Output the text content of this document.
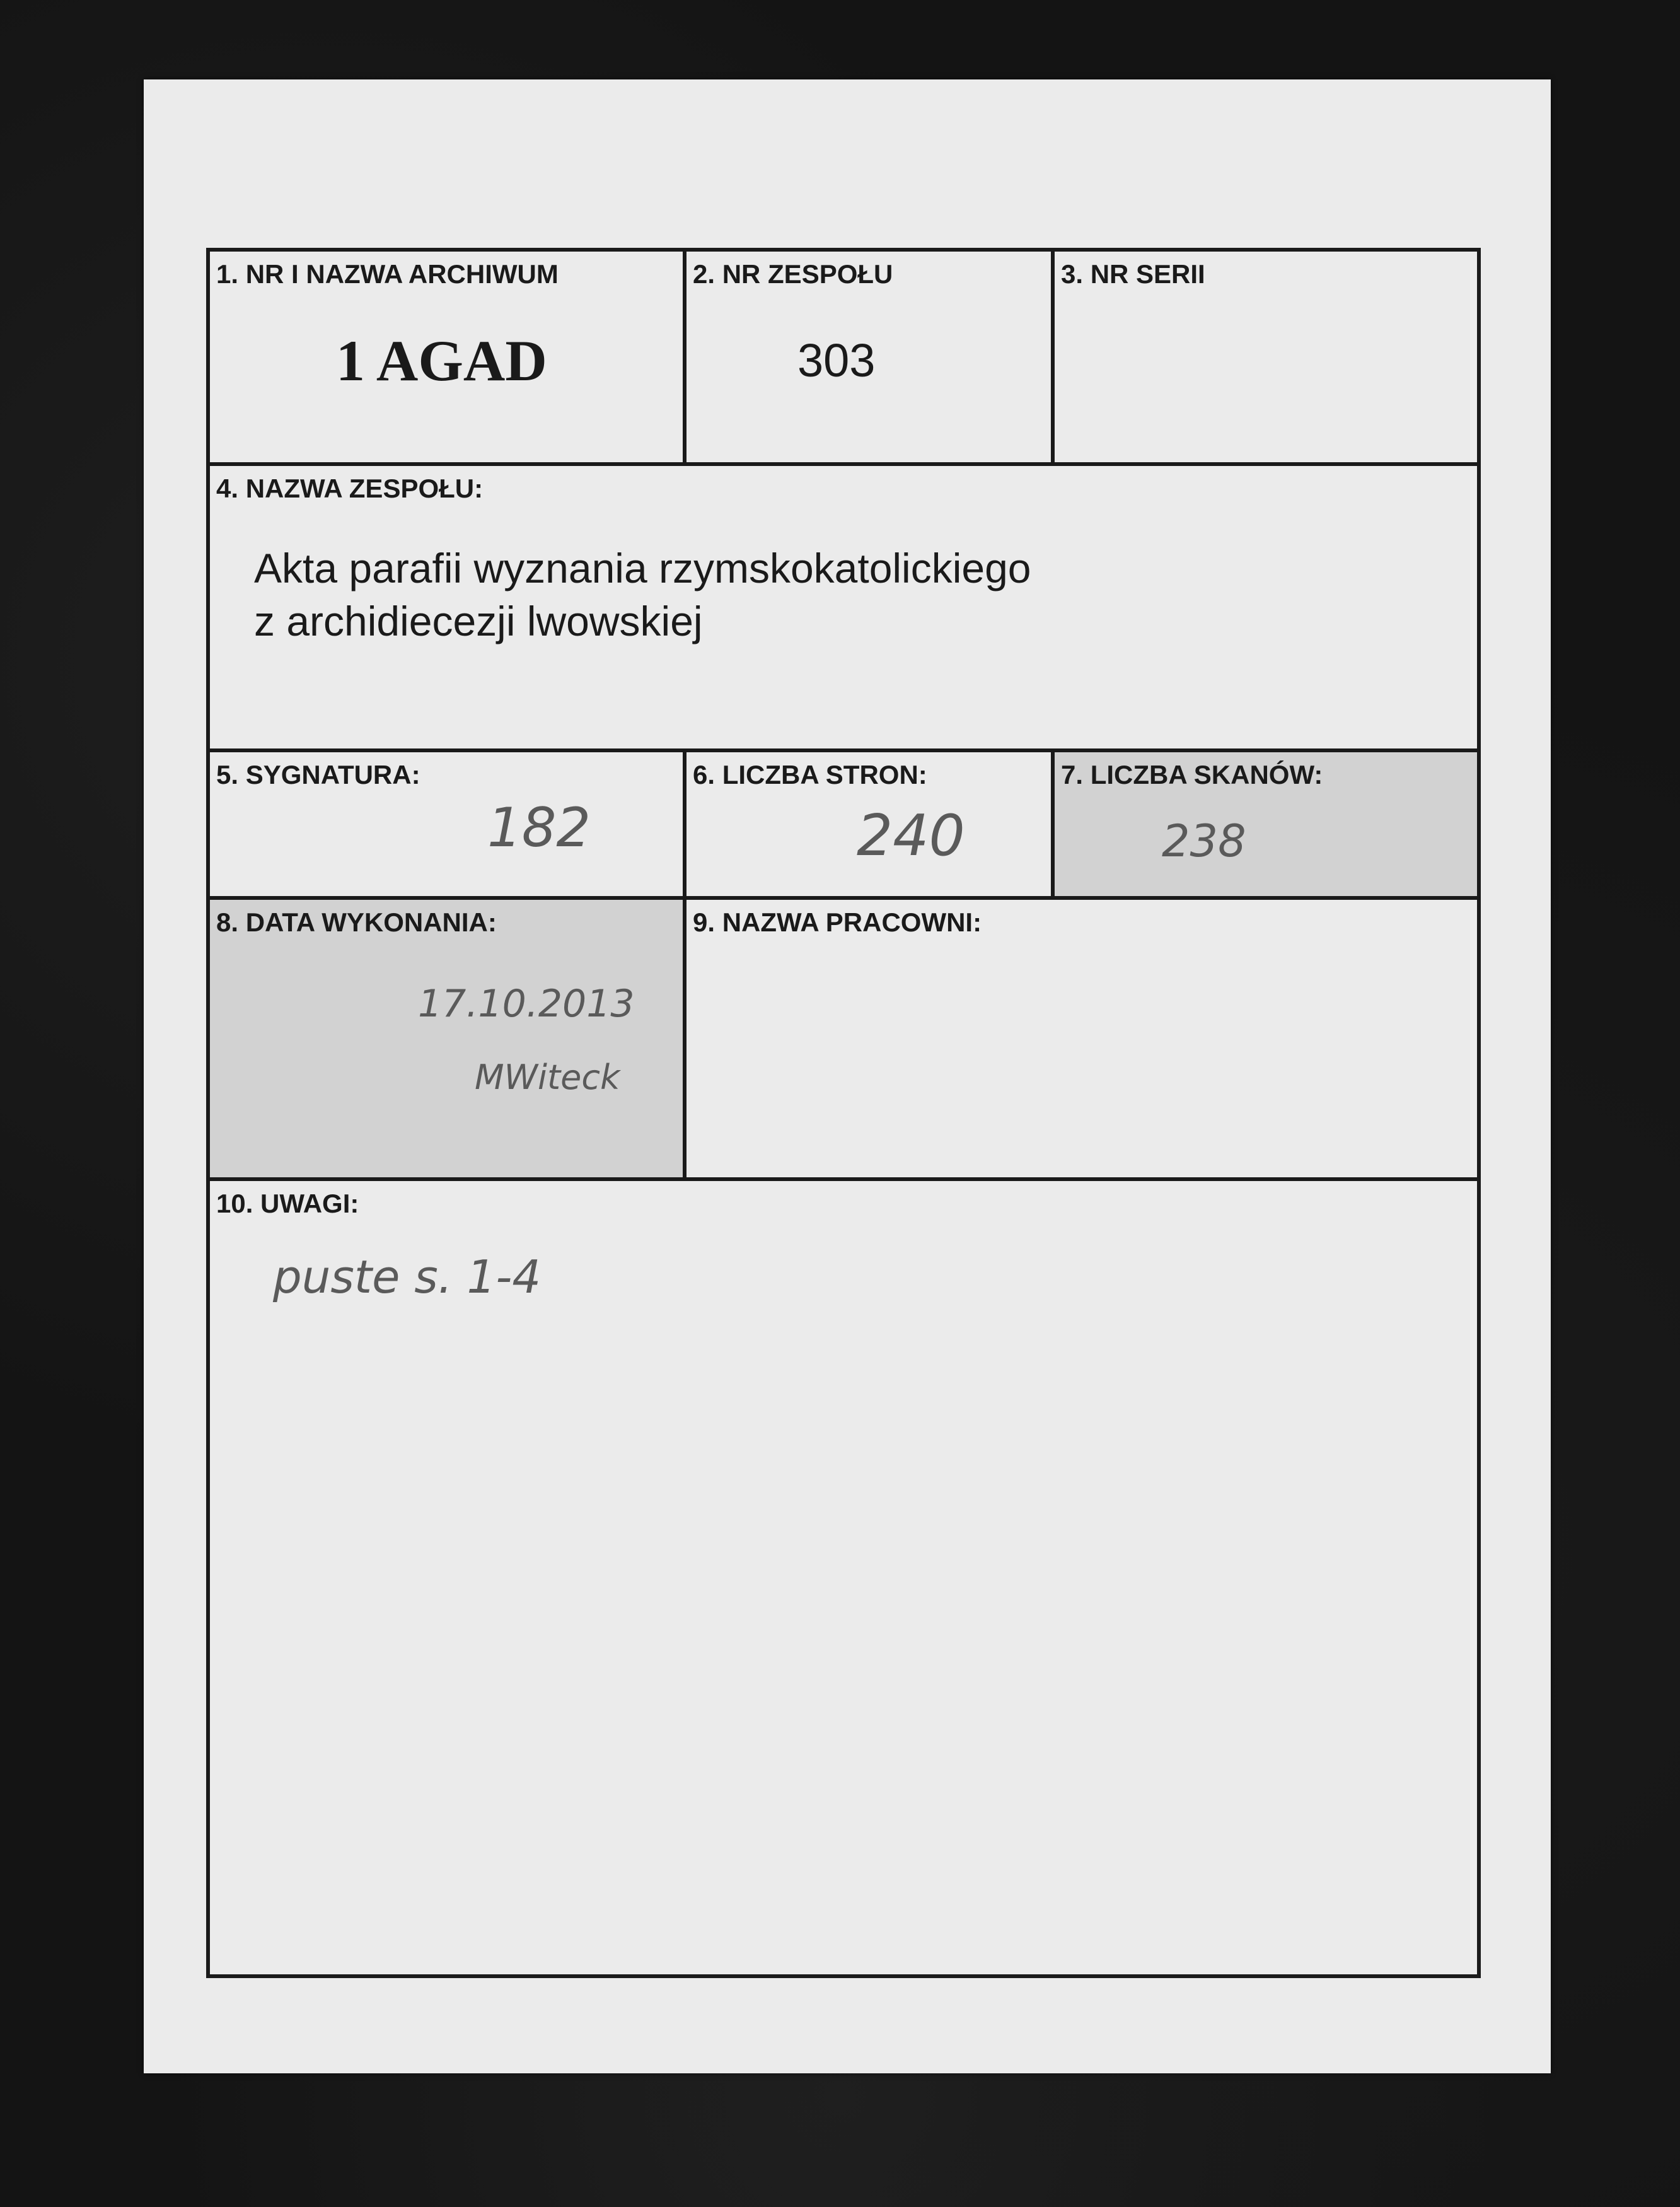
1. NR I NAZWA ARCHIWUM
1 AGAD
2. NR ZESPOŁU
303
3. NR SERII
4. NAZWA ZESPOŁU:
Akta parafii wyznania rzymskokatolickiego
z archidiecezji lwowskiej
5. SYGNATURA:
182
6. LICZBA STRON:
240
7. LICZBA SKANÓW:
238
8. DATA WYKONANIA:
17.10.2013
MWiteck
9. NAZWA PRACOWNI:
10. UWAGI:
puste s. 1-4
